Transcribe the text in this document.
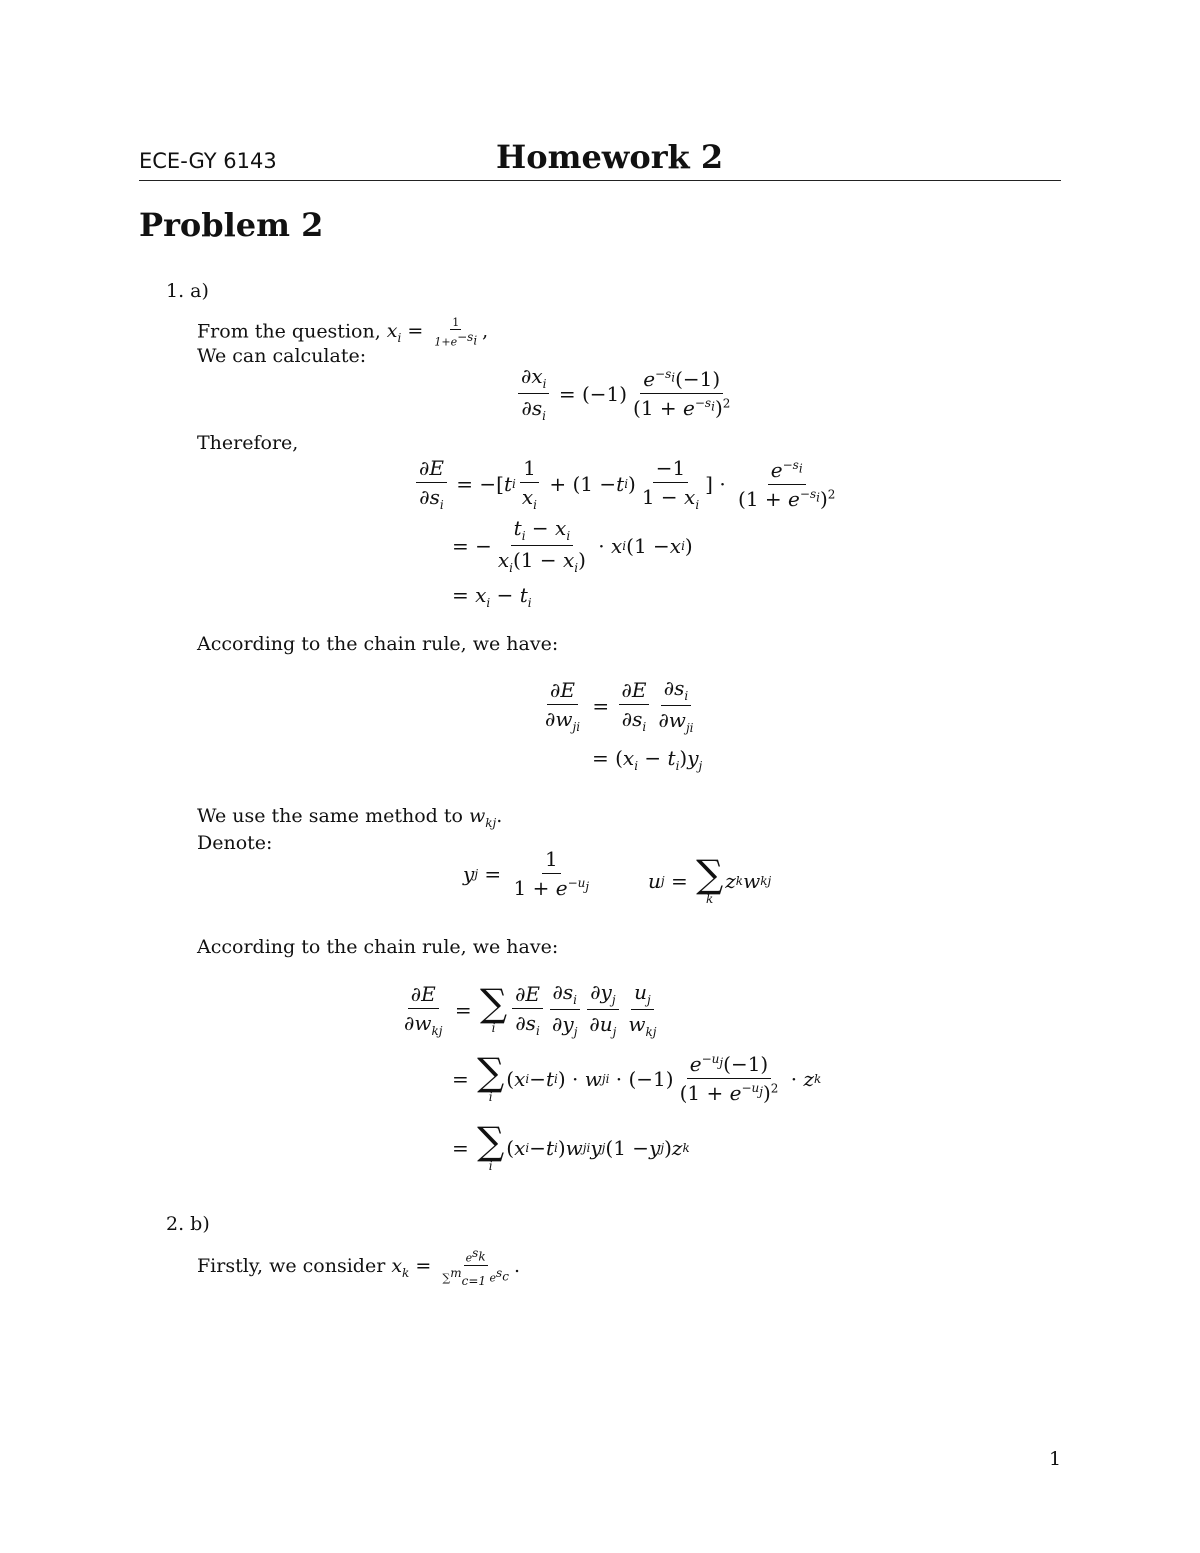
ECE-GY 6143	Homework 2
Problem 2
1. a)
From the question, $x_i = \frac{1}{1+e^{-s_i}}$ ,
We can calculate:
$\frac{\partial x_i}{\partial s_i} = (-1) \frac{e^{-s_i}(-1)}{(1 + e^{-s_i})^2}$
Therefore,
$\frac{\partial E}{\partial s_i}$ = −[ t i $\frac{1}{x_i} + (1 - t$ i ) $\frac{-1}{1 - x_i}$ ] · $\frac{e^{-s_i}}{(1 + e^{-s_i})^2}$
= − $\frac{t_i - x_i}{x_i(1 - x_i)} \cdot x$ i (1 − x i )
= $x_i - t_i$
According to the chain rule, we have:
$\frac{\partial E}{\partial w_{ji}} = \frac{\partial E}{\partial s_i} \frac{\partial s_i}{\partial w_{ji}}$
= $(x_i - t_i)y_j$
We use the same method to $w_{kj}$.
Denote:
y $j = \frac{1}{1 + e^{-u_j}}$	u j = ∑
k
z k w kj
According to the chain rule, we have:
$\frac{\partial E}{\partial w_{kj}}$ = ∑
i $\frac{\partial E}{\partial s_i} \frac{\partial s_i}{\partial y_j} \frac{\partial y_j}{\partial u_j} \frac{u_j}{w_{kj}}$
= ∑
i
( x i − t i ) · w ji · $(-1) \frac{e^{-u_j}(-1)}{(1 + e^{-u_j})^2} \cdot z$ k
= ∑
i
( x i − t i ) w ji y j (1 − y j ) z k
2. b)
Firstly, we consider $x_k = \frac{e^{s_k}}{\sum^m_{c=1} e^{s_c}}$ .
1
